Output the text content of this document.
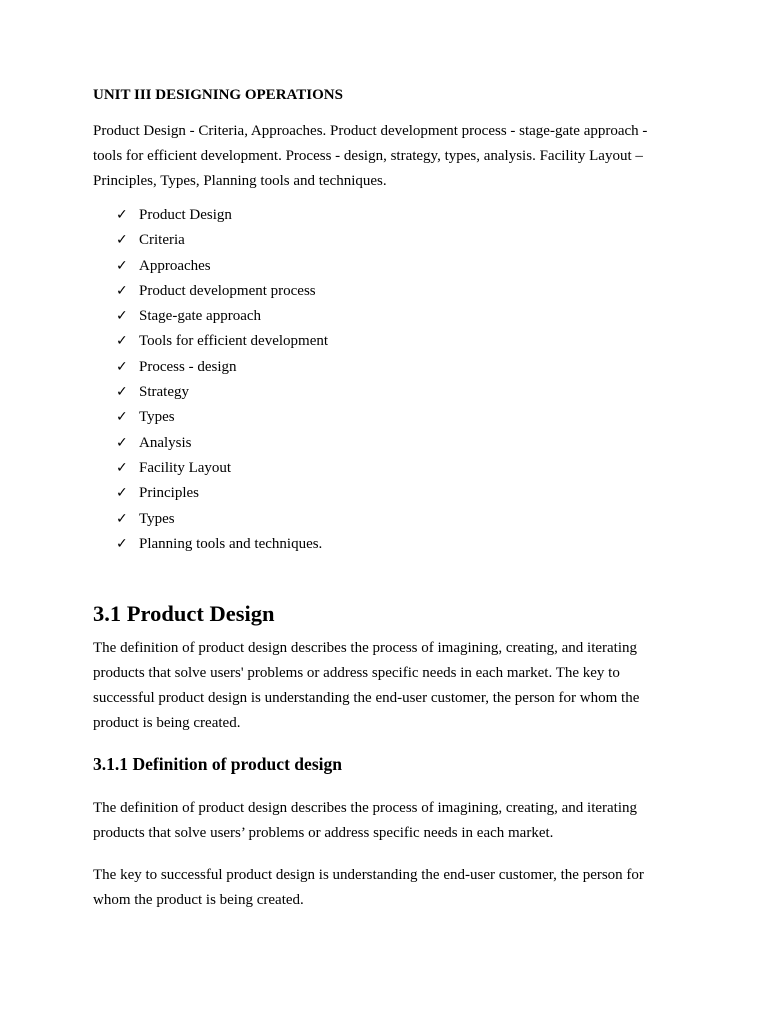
UNIT III DESIGNING OPERATIONS

Product Design - Criteria, Approaches. Product development process - stage-gate approach - tools for efficient development. Process - design, strategy, types, analysis. Facility Layout – Principles, Types, Planning tools and techniques.

✓ Product Design
✓ Criteria
✓ Approaches
✓ Product development process
✓ Stage-gate approach
✓ Tools for efficient development
✓ Process - design
✓ Strategy
✓ Types
✓ Analysis
✓ Facility Layout
✓ Principles
✓ Types
✓ Planning tools and techniques.
3.1 Product Design

The definition of product design describes the process of imagining, creating, and iterating products that solve users' problems or address specific needs in each market. The key to successful product design is understanding the end-user customer, the person for whom the product is being created.

3.1.1 Definition of product design

The definition of product design describes the process of imagining, creating, and iterating products that solve users’ problems or address specific needs in each market.

The key to successful product design is understanding the end-user customer, the person for whom the product is being created.
